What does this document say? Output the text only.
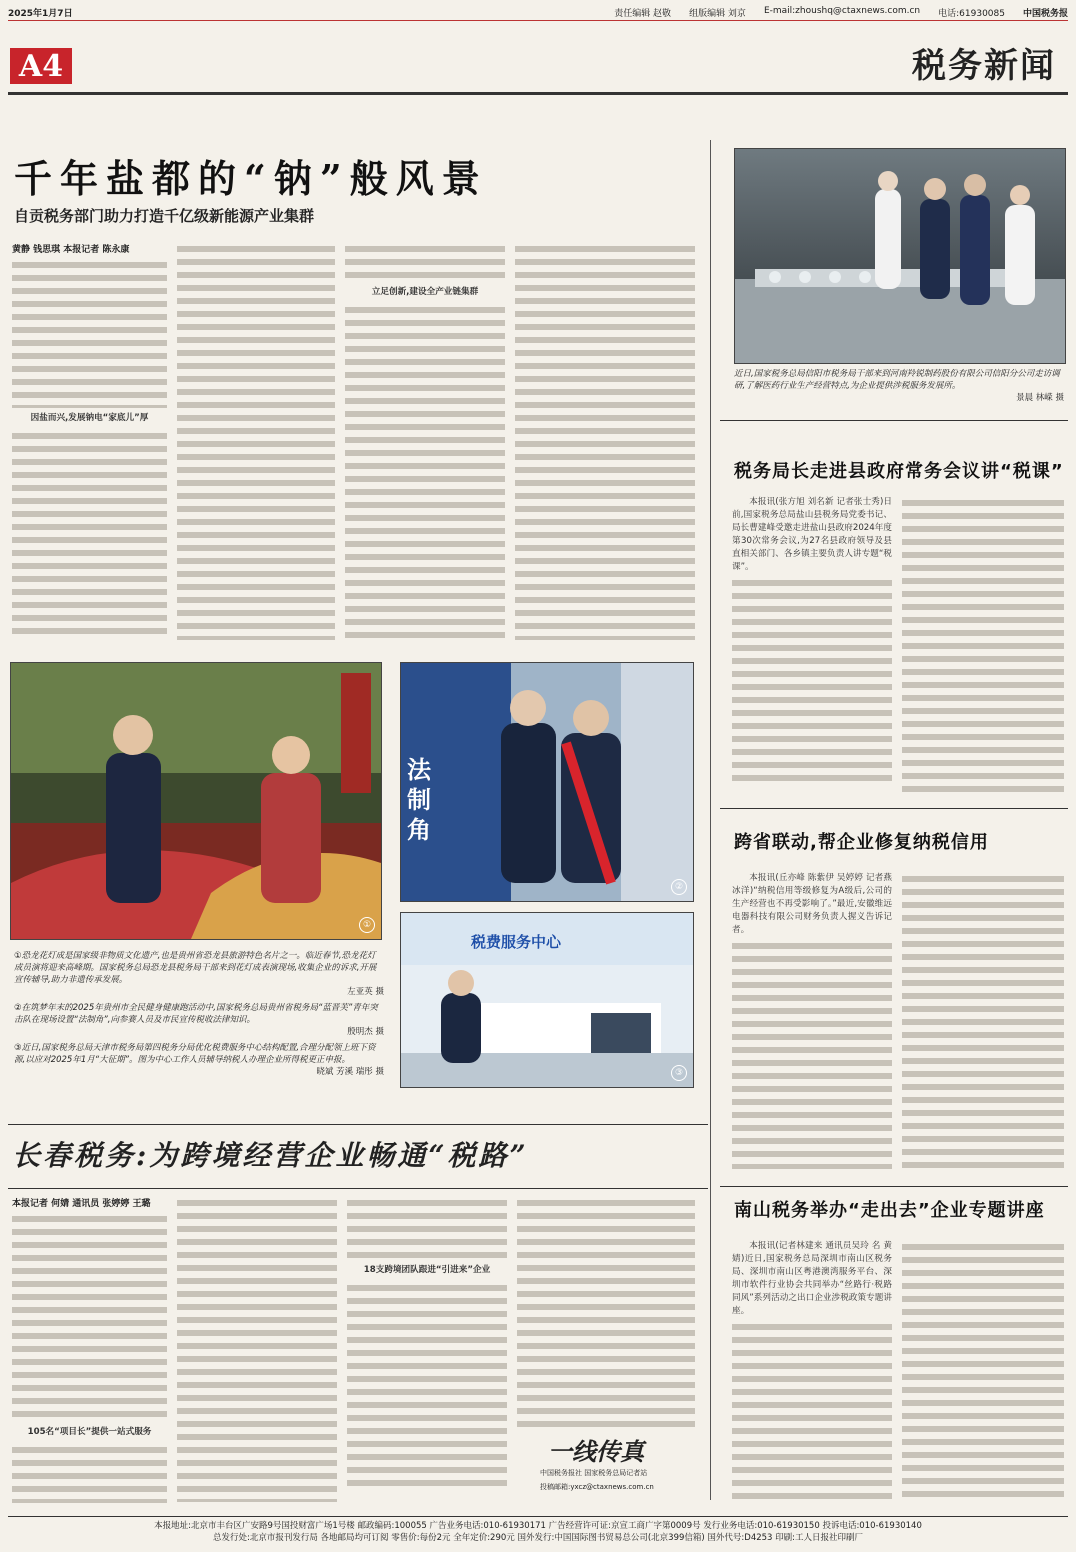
2025年1月7日	责任编辑 赵敬 组版编辑 刘京 E-mail:zhoushq@ctaxnews.com.cn 电话:61930085 中国税务报
A4	税务新闻
千年盐都的“钠”般风景
自贡税务部门助力打造千亿级新能源产业集群
黄静 钱思琪 本报记者 陈永康
因盐而兴,发展钠电“家底儿”厚
立足创新,建设全产业链集群
近日,国家税务总局信阳市税务局干部来到河南羚锐制药股份有限公司信阳分公司走访调研,了解医药行业生产经营特点,为企业提供涉税服务发展所。
景晨 林嵘 摄
税务局长走进县政府常务会议讲“税课”

本报讯(张方旭 刘名新 记者张士秀)日前,国家税务总局盐山县税务局党委书记、局长曹建峰受邀走进盐山县政府2024年度第30次常务会议,为27名县政府领导及县直相关部门、各乡镇主要负责人讲专题“税课”。

跨省联动,帮企业修复纳税信用

本报讯(丘亦峰 陈紫伊 吴婷婷 记者燕冰洋)“纳税信用等级修复为A级后,公司的生产经营也不再受影响了。”最近,安徽维远电器科技有限公司财务负责人握义告诉记者。

①
法制角
②
税费服务中心
③
①恐龙花灯成是国家级非物质文化遗产,也是贵州省恐龙县旅游特色名片之一。临近春节,恐龙花灯成员演将迎来高峰期。国家税务总局恐龙县税务局干部来到花灯成表演现场,收集企业的诉求,开展宣传辅导,助力非遗传承发展。
左亚英 摄
②在筑梦年末的2025年贵州市全民健身健康跑活动中,国家税务总局贵州省税务局“蓝晋芙”青年突击队在现场设置“法制角”,向参赛人员及市民宣传税收法律知识。
殷明杰 摄
③近日,国家税务总局天津市税务局第四税务分局优化税费服务中心结构配置,合理分配领上班下资源,以应对2025年1月“大征期”。图为中心工作人员辅导纳税人办理企业所得税更正申报。
晓斌 芳溪 瑞彤 摄
长春税务:为跨境经营企业畅通“税路”
本报记者 何婧 通讯员 张婷婷 王璐
105名“项目长”提供一站式服务
18支跨境团队跟进“引进来”企业
一线传真
中国税务报社 国家税务总局记者站
投稿邮箱:yxcz@ctaxnews.com.cn
南山税务举办“走出去”企业专题讲座

本报讯(记者林建来 通讯员吴玲 名 黄婧)近日,国家税务总局深圳市南山区税务局、深圳市南山区粤港澳湾服务平台、深圳市软件行业协会共同举办“丝路行·税路同风”系列活动之出口企业涉税政策专题讲座。

本报地址:北京市丰台区广安路9号国投财富广场1号楼 邮政编码:100055 广告业务电话:010-61930171 广告经营许可证:京宣工商广字第0009号 发行业务电话:010-61930150 投诉电话:010-61930140
总发行处:北京市报刊发行局 各地邮局均可订阅 零售价:每份2元 全年定价:290元 国外发行:中国国际图书贸易总公司(北京399信箱) 国外代号:D4253 印刷:工人日报社印刷厂
